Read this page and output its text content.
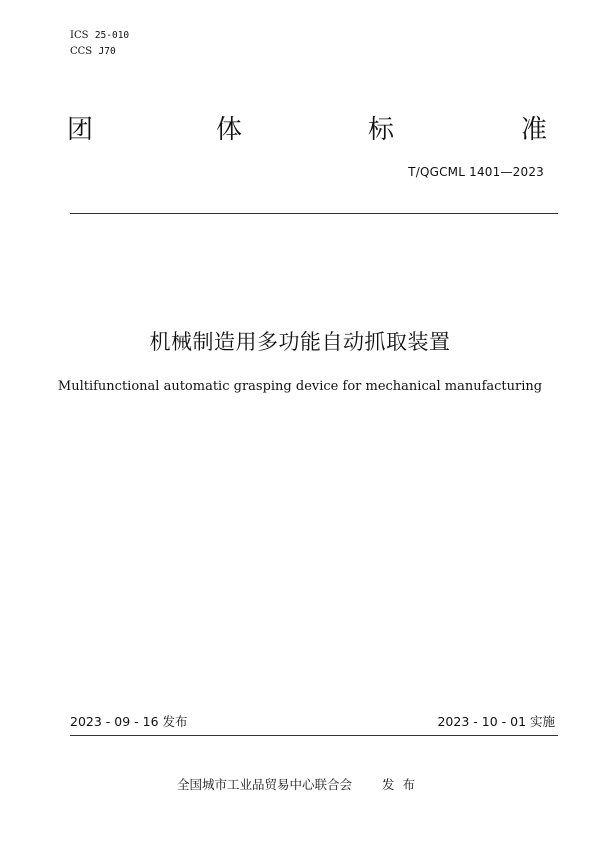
ICS 25-010
CCS J70
团	体	标	准
T/QGCML 1401—2023
机械制造用多功能自动抓取装置
Multifunctional automatic grasping device for mechanical manufacturing
2023 - 09 - 16 发布	2023 - 10 - 01 实施
全国城市工业品贸易中心联合会 发布
